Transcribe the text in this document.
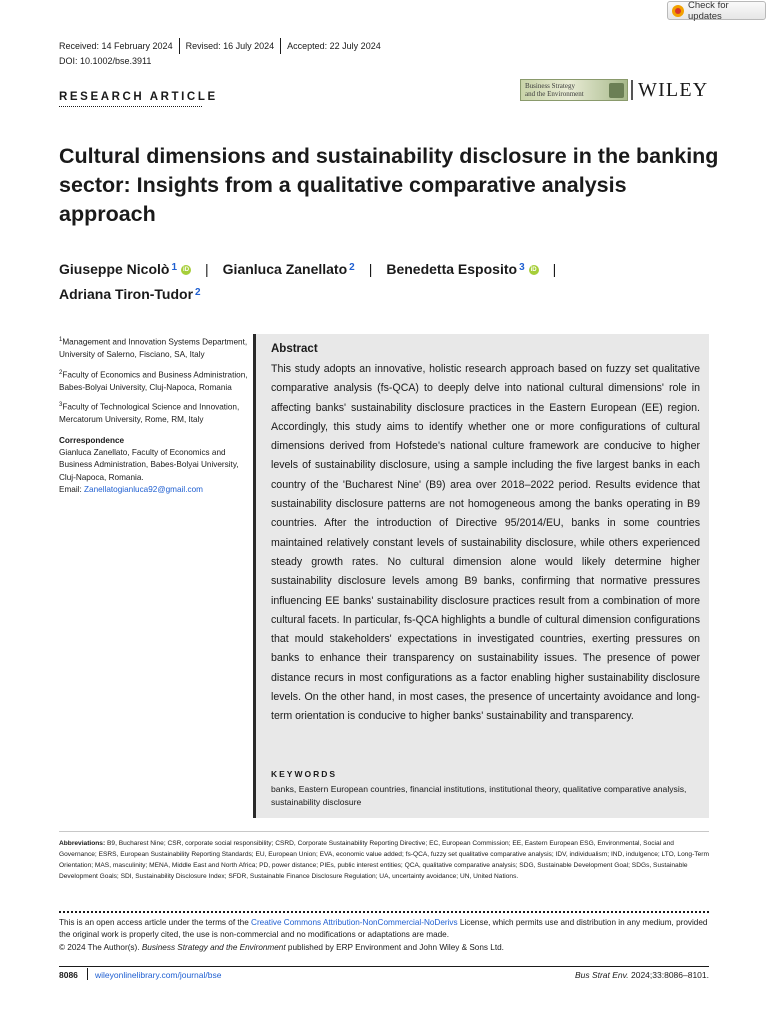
Check for updates
Received: 14 February 2024 Revised: 16 July 2024 Accepted: 22 July 2024
DOI: 10.1002/bse.3911
RESEARCH ARTICLE
Business Strategy
and the Environment	WILEY
Cultural dimensions and sustainability disclosure in the banking sector: Insights from a qualitative comparative analysis approach
Giuseppe Nicolò $^1$ iD | Gianluca Zanellato $^2$ | Benedetta Esposito $^3$ iD |
Adriana Tiron-Tudor $^2$

$^1$Management and Innovation Systems Department, University of Salerno, Fisciano, SA, Italy

$^2$Faculty of Economics and Business Administration, Babes-Bolyai University, Cluj-Napoca, Romania

$^3$Faculty of Technological Science and Innovation, Mercatorum University, Rome, RM, Italy

Correspondence
Gianluca Zanellato, Faculty of Economics and Business Administration, Babes-Bolyai University, Cluj-Napoca, Romania.
Email: Zanellatogianluca92@gmail.com
Abstract
This study adopts an innovative, holistic research approach based on fuzzy set qualitative comparative analysis (fs-QCA) to deeply delve into national cultural dimensions' role in affecting banks' sustainability disclosure practices in the Eastern European (EE) region. Accordingly, this study aims to identify whether one or more configurations of cultural dimensions derived from Hofstede's national culture framework are conducive to higher levels of sustainability disclosure, using a sample including the five largest banks in each country of the 'Bucharest Nine' (B9) area over 2018–2022 period. Results evidence that sustainability disclosure patterns are not homogeneous among the banks operating in B9 countries. After the introduction of Directive 95/2014/EU, banks in some countries maintained relatively constant levels of sustainability disclosure, while others experienced steady growth rates. No cultural dimension alone would likely determine higher sustainability disclosure levels among B9 banks, confirming that normative pressures influencing EE banks' sustainability disclosure practices result from a combination of more cultural facets. In particular, fs-QCA highlights a bundle of cultural dimension configurations that mould stakeholders' expectations in investigated countries, exerting pressures on banks to enhance their transparency on sustainability issues. The presence of power distance recurs in most configurations as a factor enabling higher sustainability disclosure levels. On the other hand, in most cases, the presence of uncertainty avoidance and long-term orientation is conducive to higher banks' sustainability and transparency.
KEYWORDS
banks, Eastern European countries, financial institutions, institutional theory, qualitative comparative analysis, sustainability disclosure
Abbreviations: B9, Bucharest Nine; CSR, corporate social responsibility; CSRD, Corporate Sustainability Reporting Directive; EC, European Commission; EE, Eastern European ESG, Environmental, Social and Governance; ESRS, European Sustainability Reporting Standards; EU, European Union; EVA, economic value added; fs-QCA, fuzzy set qualitative comparative analysis; IDV, individualism; IND, indulgence; LTO, Long-Term Orientation; MAS, masculinity; MENA, Middle East and North Africa; PD, power distance; PIEs, public interest entities; QCA, qualitative comparative analysis; SDG, Sustainable Development Goal; SDGs, Sustainable Development Goals; SDI, Sustainability Disclosure Index; SFDR, Sustainable Finance Disclosure Regulation; UA, uncertainty avoidance; UN, United Nations.
This is an open access article under the terms of the Creative Commons Attribution-NonCommercial-NoDerivs License, which permits use and distribution in any medium, provided the original work is properly cited, the use is non-commercial and no modifications or adaptations are made.
© 2024 The Author(s). Business Strategy and the Environment published by ERP Environment and John Wiley & Sons Ltd.
8086 wileyonlinelibrary.com/journal/bse	Bus Strat Env. 2024;33:8086–8101.
